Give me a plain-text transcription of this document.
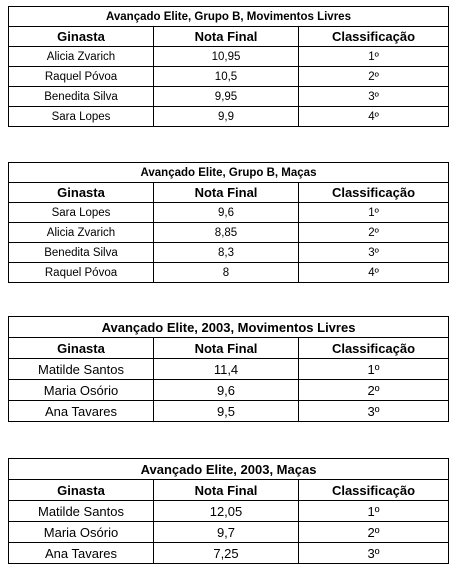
Avançado Elite, Grupo B, Movimentos Livres		
Ginasta	Nota Final	Classificação
Alicia Zvarich	10,95	1º
Raquel Póvoa	10,5	2º
Benedita Silva	9,95	3º
Sara Lopes	9,9	4º
Avançado Elite, Grupo B, Maças		
Ginasta	Nota Final	Classificação
Sara Lopes	9,6	1º
Alicia Zvarich	8,85	2º
Benedita Silva	8,3	3º
Raquel Póvoa	8	4º
Avançado Elite, 2003, Movimentos Livres		
Ginasta	Nota Final	Classificação
Matilde Santos	11,4	1º
Maria Osório	9,6	2º
Ana Tavares	9,5	3º
Avançado Elite, 2003, Maças		
Ginasta	Nota Final	Classificação
Matilde Santos	12,05	1º
Maria Osório	9,7	2º
Ana Tavares	7,25	3º
